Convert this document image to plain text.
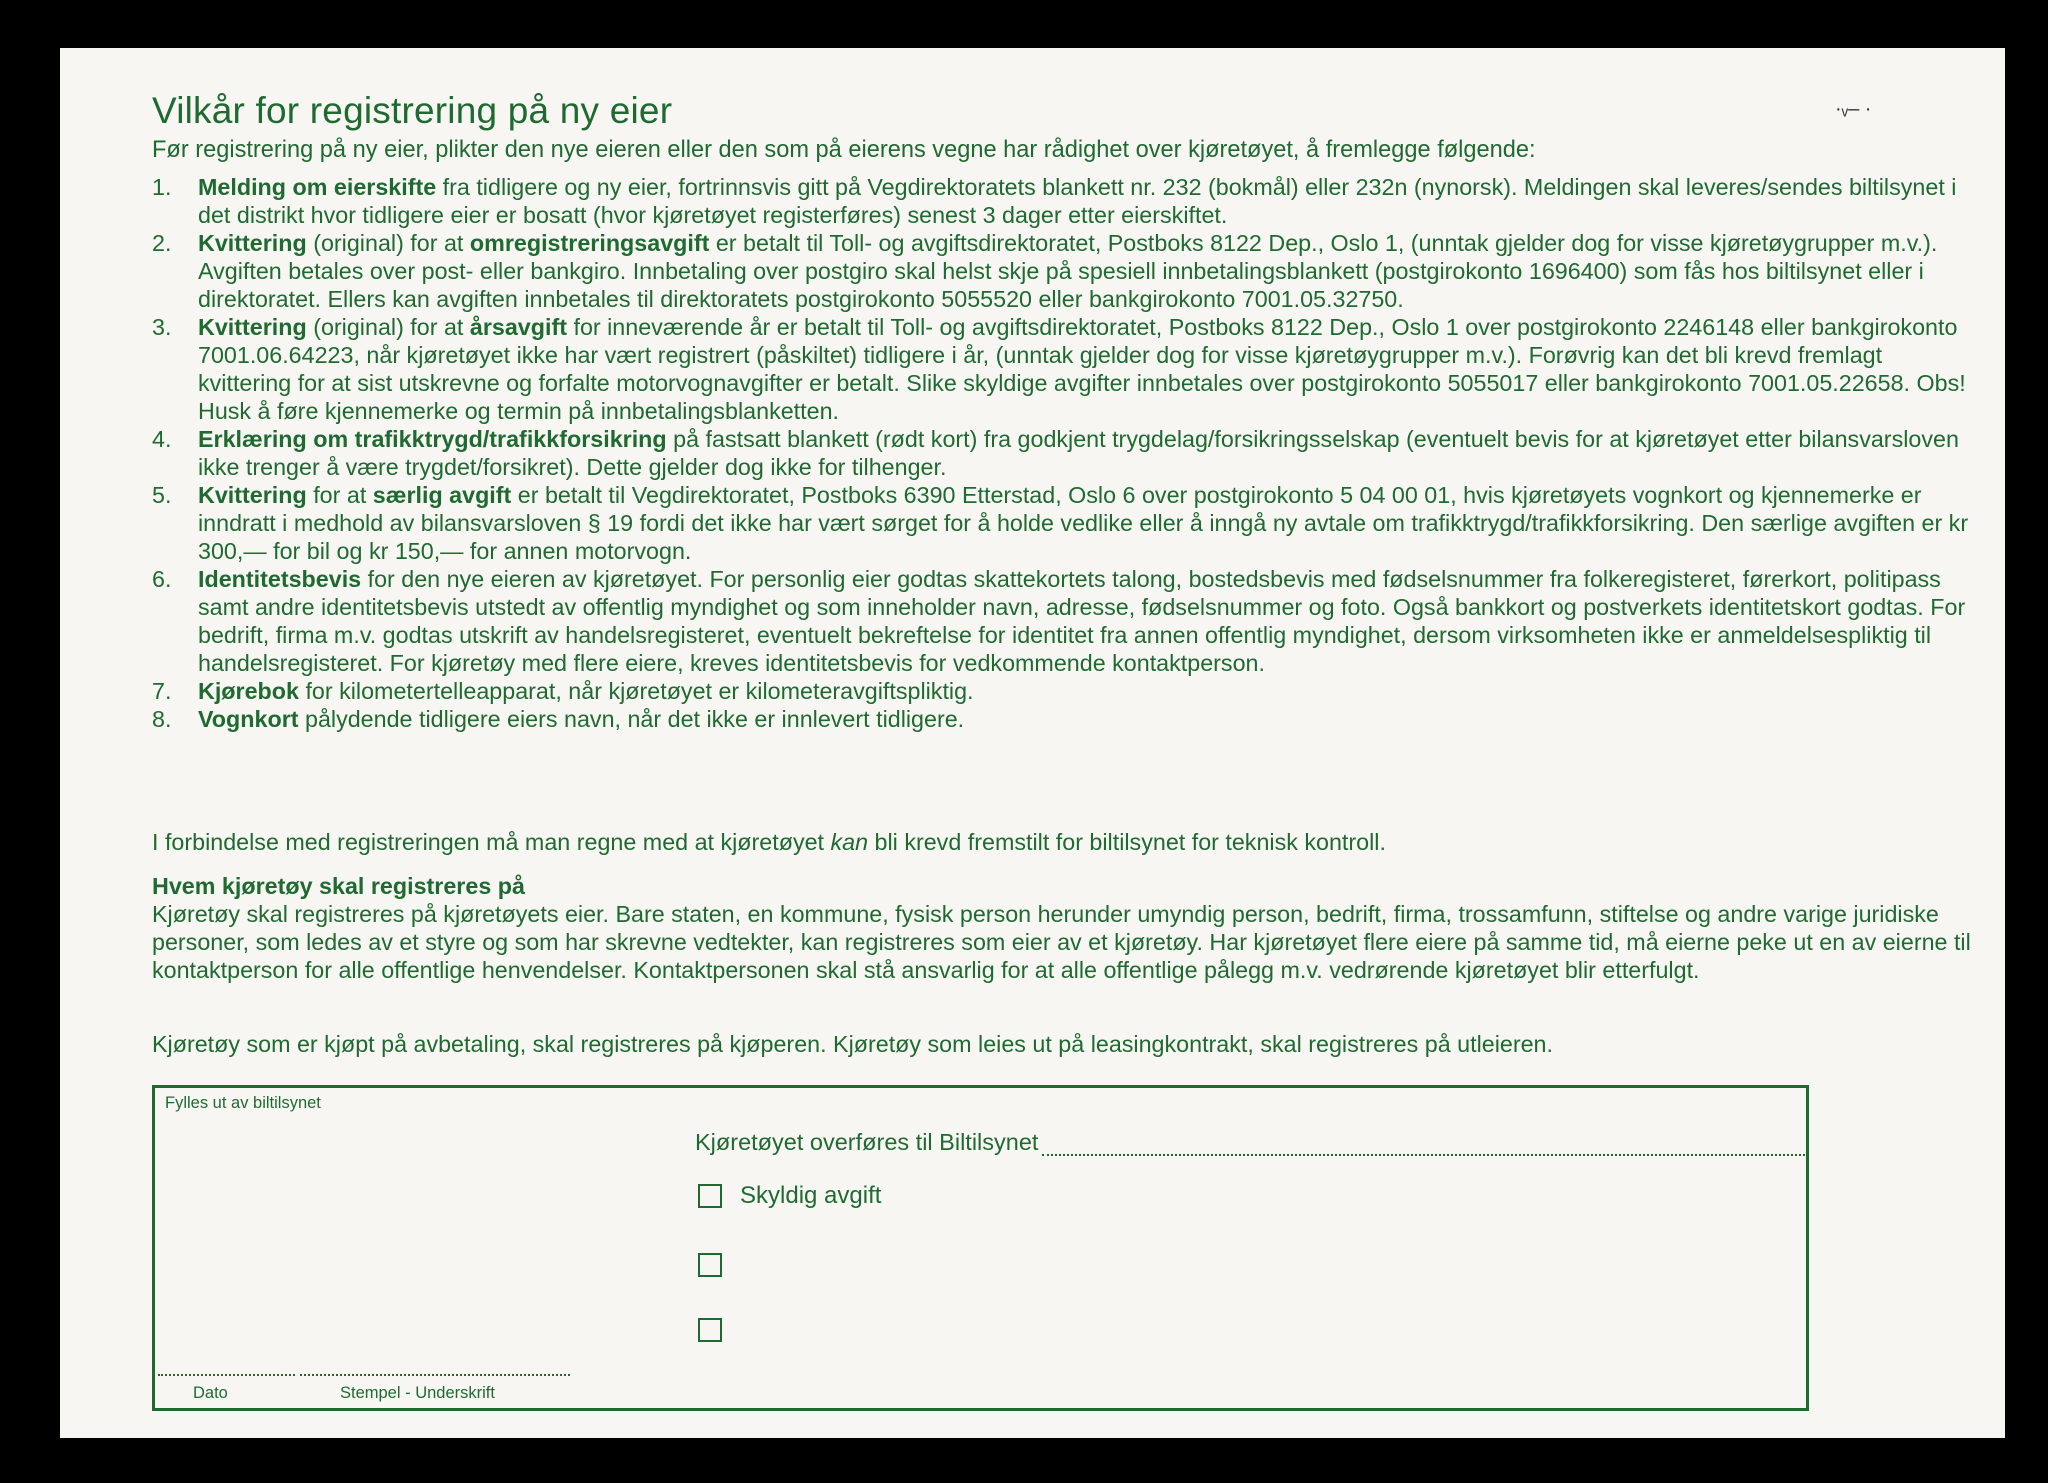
Vilkår for registrering på ny eier	·ᵥ– ·

Før registrering på ny eier, plikter den nye eieren eller den som på eierens vegne har rådighet over kjøretøyet, å fremlegge følgende:

1. Melding om eierskifte fra tidligere og ny eier, fortrinnsvis gitt på Vegdirektoratets blankett nr. 232 (bokmål) eller 232n (nynorsk). Meldingen skal leveres/sendes biltilsynet i det distrikt hvor tidligere eier er bosatt (hvor kjøretøyet registerføres) senest 3 dager etter eierskiftet.
2. Kvittering (original) for at omregistreringsavgift er betalt til Toll- og avgiftsdirektoratet, Postboks 8122 Dep., Oslo 1, (unntak gjelder dog for visse kjøretøygrupper m.v.). Avgiften betales over post- eller bankgiro. Innbetaling over postgiro skal helst skje på spesiell innbetalingsblankett (postgirokonto 1696400) som fås hos biltilsynet eller i direktoratet. Ellers kan avgiften innbetales til direktoratets postgirokonto 5055520 eller bankgirokonto 7001.05.32750.
3. Kvittering (original) for at årsavgift for inneværende år er betalt til Toll- og avgiftsdirektoratet, Postboks 8122 Dep., Oslo 1 over postgirokonto 2246148 eller bankgirokonto 7001.06.64223, når kjøretøyet ikke har vært registrert (påskiltet) tidligere i år, (unntak gjelder dog for visse kjøretøygrupper m.v.). Forøvrig kan det bli krevd fremlagt kvittering for at sist utskrevne og forfalte motorvognavgifter er betalt. Slike skyldige avgifter innbetales over postgirokonto 5055017 eller bankgirokonto 7001.05.22658. Obs! Husk å føre kjennemerke og termin på innbetalingsblanketten.
4. Erklæring om trafikktrygd/trafikkforsikring på fastsatt blankett (rødt kort) fra godkjent trygdelag/forsikringsselskap (eventuelt bevis for at kjøretøyet etter bilansvarsloven ikke trenger å være trygdet/forsikret). Dette gjelder dog ikke for tilhenger.
5. Kvittering for at særlig avgift er betalt til Vegdirektoratet, Postboks 6390 Etterstad, Oslo 6 over postgirokonto 5 04 00 01, hvis kjøretøyets vognkort og kjennemerke er inndratt i medhold av bilansvarsloven § 19 fordi det ikke har vært sørget for å holde vedlike eller å inngå ny avtale om trafikktrygd/trafikkforsikring. Den særlige avgiften er kr 300,— for bil og kr 150,— for annen motorvogn.
6. Identitetsbevis for den nye eieren av kjøretøyet. For personlig eier godtas skattekortets talong, bostedsbevis med fødselsnummer fra folkeregisteret, førerkort, politipass samt andre identitetsbevis utstedt av offentlig myndighet og som inneholder navn, adresse, fødselsnummer og foto. Også bankkort og postverkets identitetskort godtas. For bedrift, firma m.v. godtas utskrift av handelsregisteret, eventuelt bekreftelse for identitet fra annen offentlig myndighet, dersom virksomheten ikke er anmeldelsespliktig til handelsregisteret. For kjøretøy med flere eiere, kreves identitetsbevis for vedkommende kontaktperson.
7. Kjørebok for kilometertelleapparat, når kjøretøyet er kilometeravgiftspliktig.
8. Vognkort pålydende tidligere eiers navn, når det ikke er innlevert tidligere.

I forbindelse med registreringen må man regne med at kjøretøyet kan bli krevd fremstilt for biltilsynet for teknisk kontroll.

Hvem kjøretøy skal registreres på

Kjøretøy skal registreres på kjøretøyets eier. Bare staten, en kommune, fysisk person herunder umyndig person, bedrift, firma, trossamfunn, stiftelse og andre varige juridiske personer, som ledes av et styre og som har skrevne vedtekter, kan registreres som eier av et kjøretøy. Har kjøretøyet flere eiere på samme tid, må eierne peke ut en av eierne til kontaktperson for alle offentlige henvendelser. Kontaktpersonen skal stå ansvarlig for at alle offentlige pålegg m.v. vedrørende kjøretøyet blir etterfulgt.

Kjøretøy som er kjøpt på avbetaling, skal registreres på kjøperen. Kjøretøy som leies ut på leasingkontrakt, skal registreres på utleieren.

Fylles ut av biltilsynet
Kjøretøyet overføres til Biltilsynet
Skyldig avgift
Dato	Stempel - Underskrift
